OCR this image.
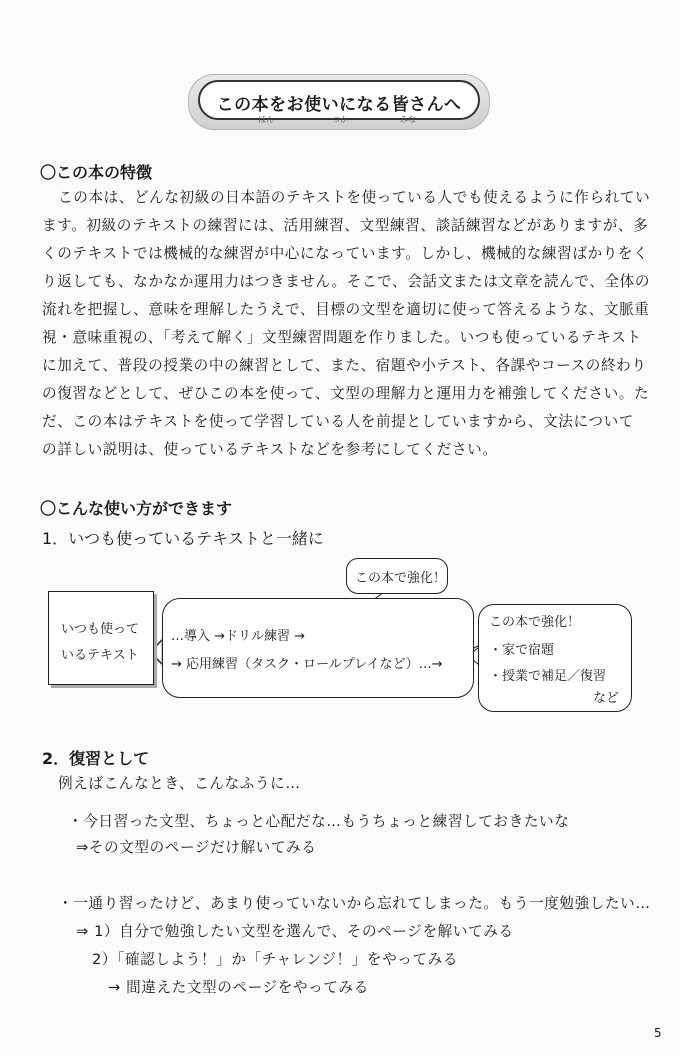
この本をお使いになる皆さんへ
ほん	つか	みな
〇この本の特徴
この本は、どんな初級の日本語のテキストを使っている人でも使えるように作られてい
ます。初級のテキストの練習には、活用練習、文型練習、談話練習などがありますが、多
くのテキストでは機械的な練習が中心になっています。しかし、機械的な練習ばかりをく
り返しても、なかなか運用力はつきません。そこで、会話文または文章を読んで、全体の
流れを把握し、意味を理解したうえで、目標の文型を適切に使って答えるような、文脈重
視・意味重視の、「考えて解く」文型練習問題を作りました。いつも使っているテキスト
に加えて、普段の授業の中の練習として、また、宿題や小テスト、各課やコースの終わり
の復習などとして、ぜひこの本を使って、文型の理解力と運用力を補強してください。た
だ、この本はテキストを使って学習している人を前提としていますから、文法について
の詳しい説明は、使っているテキストなどを参考にしてください。
〇こんな使い方ができます
1．いつも使っているテキストと一緒に
いつも使って
いるテキスト
…導入 →ドリル練習 →
→ 応用練習（タスク・ロールプレイなど）…→
この本で強化！
この本で強化！
・家で宿題
・授業で補足／復習
など
2．復習として
例えばこんなとき、こんなふうに…
・今日習った文型、ちょっと心配だな…もうちょっと練習しておきたいな
⇒その文型のページだけ解いてみる
・一通り習ったけど、あまり使っていないから忘れてしまった。もう一度勉強したい…
⇒ 1）自分で勉強したい文型を選んで、そのページを解いてみる
2）「確認しよう！」か「チャレンジ！」をやってみる
→ 間違えた文型のページをやってみる
5
